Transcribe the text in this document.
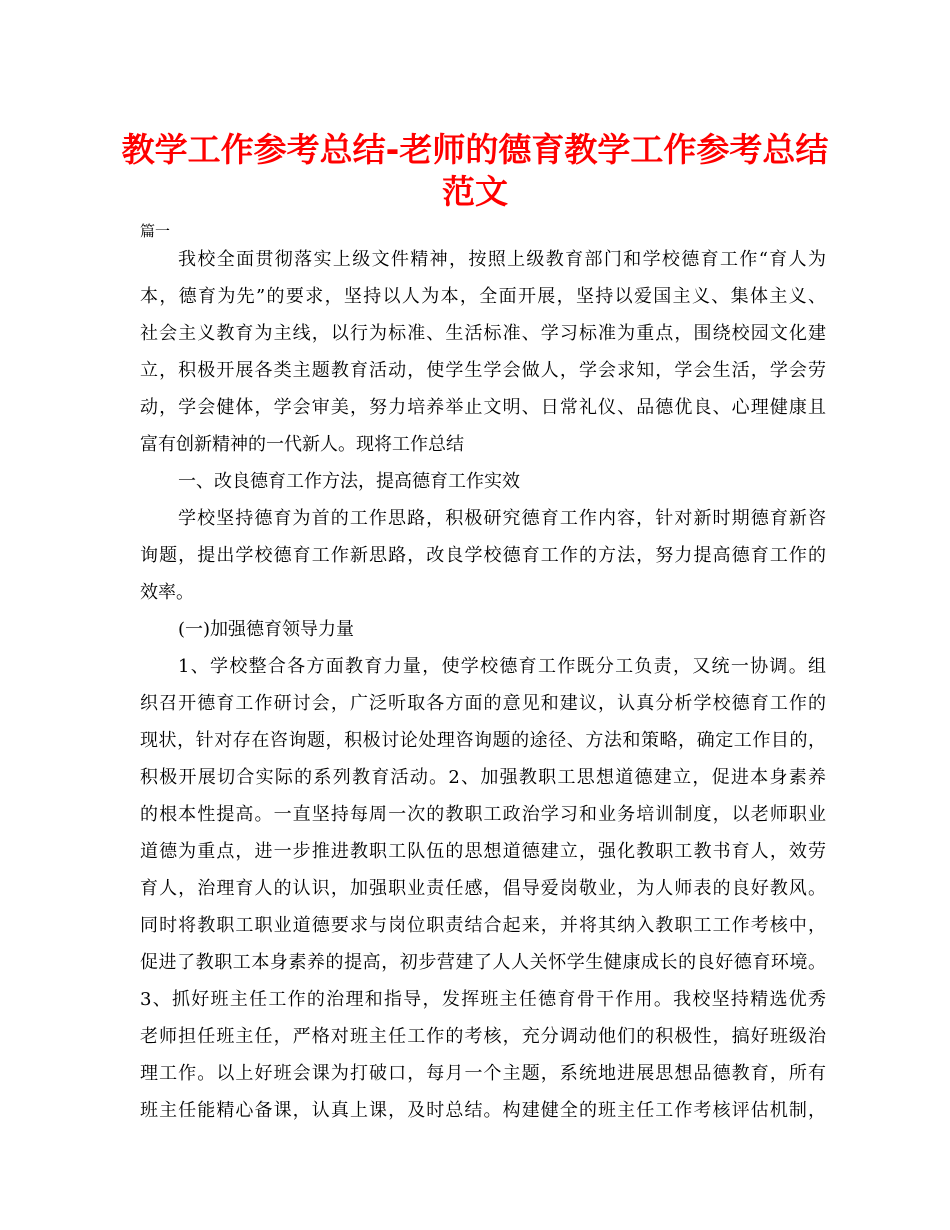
教学工作参考总结-老师的德育教学工作参考总结
范文
篇一
我校全面贯彻落实上级文件精神，按照上级教育部门和学校德育工作“育人为
本，德育为先”的要求，坚持以人为本，全面开展，坚持以爱国主义、集体主义、
社会主义教育为主线，以行为标准、生活标准、学习标准为重点，围绕校园文化建
立，积极开展各类主题教育活动，使学生学会做人，学会求知，学会生活，学会劳
动，学会健体，学会审美，努力培养举止文明、日常礼仪、品德优良、心理健康且
富有创新精神的一代新人。现将工作总结
一、改良德育工作方法，提高德育工作实效
学校坚持德育为首的工作思路，积极研究德育工作内容，针对新时期德育新咨
询题，提出学校德育工作新思路，改良学校德育工作的方法，努力提高德育工作的
效率。
(一)加强德育领导力量
1、学校整合各方面教育力量，使学校德育工作既分工负责，又统一协调。组
织召开德育工作研讨会，广泛听取各方面的意见和建议，认真分析学校德育工作的
现状，针对存在咨询题，积极讨论处理咨询题的途径、方法和策略，确定工作目的，
积极开展切合实际的系列教育活动。2、加强教职工思想道德建立，促进本身素养
的根本性提高。一直坚持每周一次的教职工政治学习和业务培训制度，以老师职业
道德为重点，进一步推进教职工队伍的思想道德建立，强化教职工教书育人，效劳
育人，治理育人的认识，加强职业责任感，倡导爱岗敬业，为人师表的良好教风。
同时将教职工职业道德要求与岗位职责结合起来，并将其纳入教职工工作考核中，
促进了教职工本身素养的提高，初步营建了人人关怀学生健康成长的良好德育环境。
3、抓好班主任工作的治理和指导，发挥班主任德育骨干作用。我校坚持精选优秀
老师担任班主任，严格对班主任工作的考核，充分调动他们的积极性，搞好班级治
理工作。以上好班会课为打破口，每月一个主题，系统地进展思想品德教育，所有
班主任能精心备课，认真上课，及时总结。构建健全的班主任工作考核评估机制，
